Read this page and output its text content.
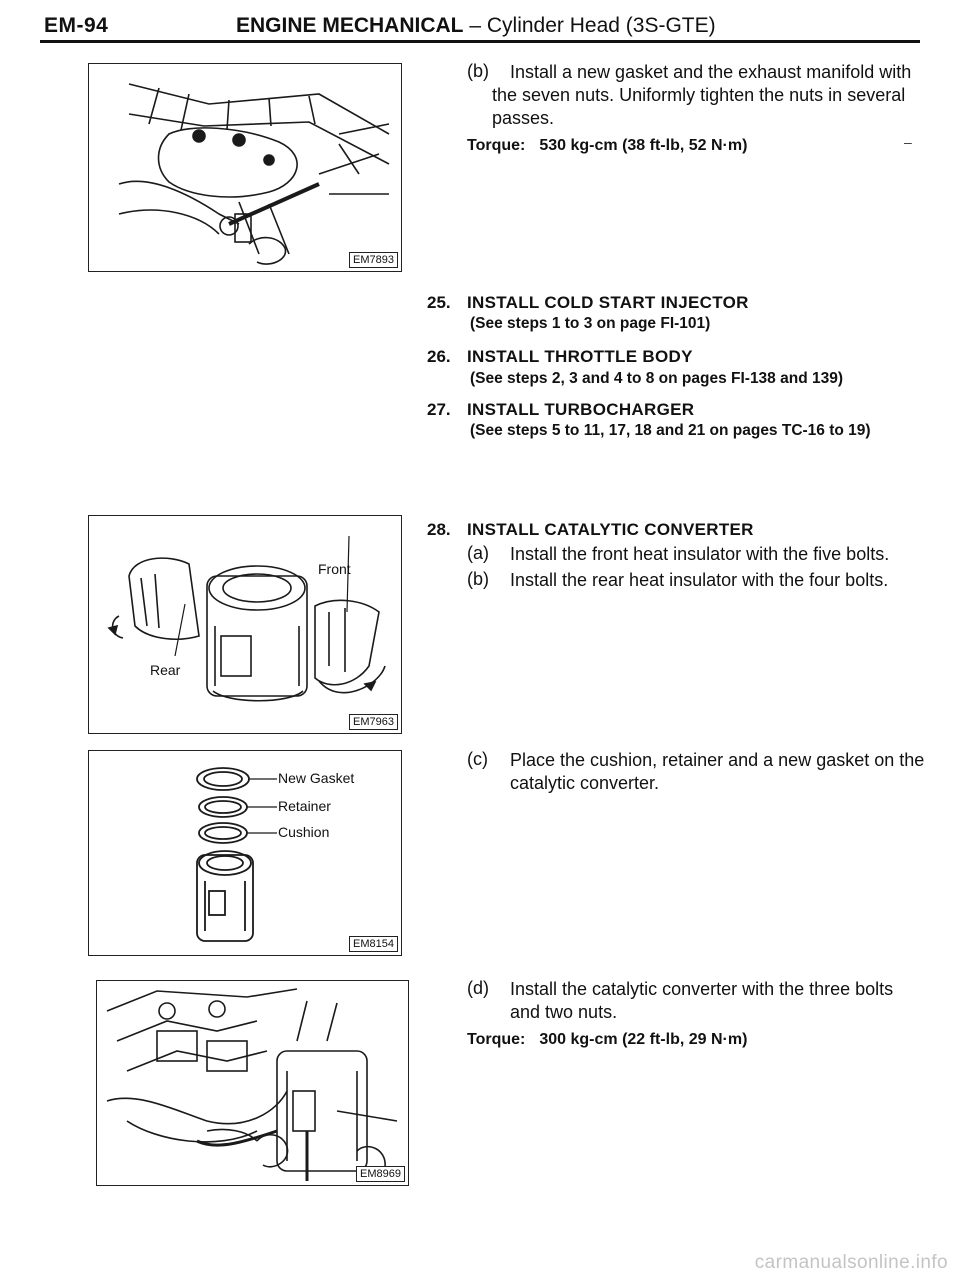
EM-94	ENGINE MECHANICAL – Cylinder Head (3S-GTE)
EM7893
Front
Rear
EM7963
New Gasket
Retainer
Cushion
EM8154
EM8969
(b) Install a new gasket and the exhaust manifold with
the seven nuts. Uniformly tighten the nuts in several
passes.
Torque: 530 kg-cm (38 ft-lb, 52 N·m)	–
25. INSTALL COLD START INJECTOR
(See steps 1 to 3 on page FI-101)
26. INSTALL THROTTLE BODY
(See steps 2, 3 and 4 to 8 on pages FI-138 and 139)
27. INSTALL TURBOCHARGER
(See steps 5 to 11, 17, 18 and 21 on pages TC-16 to 19)
28. INSTALL CATALYTIC CONVERTER
(a) Install the front heat insulator with the five bolts.
(b) Install the rear heat insulator with the four bolts.
(c) Place the cushion, retainer and a new gasket on the
catalytic converter.
(d) Install the catalytic converter with the three bolts
and two nuts.
Torque: 300 kg-cm (22 ft-lb, 29 N·m)
carmanualsonline.info
